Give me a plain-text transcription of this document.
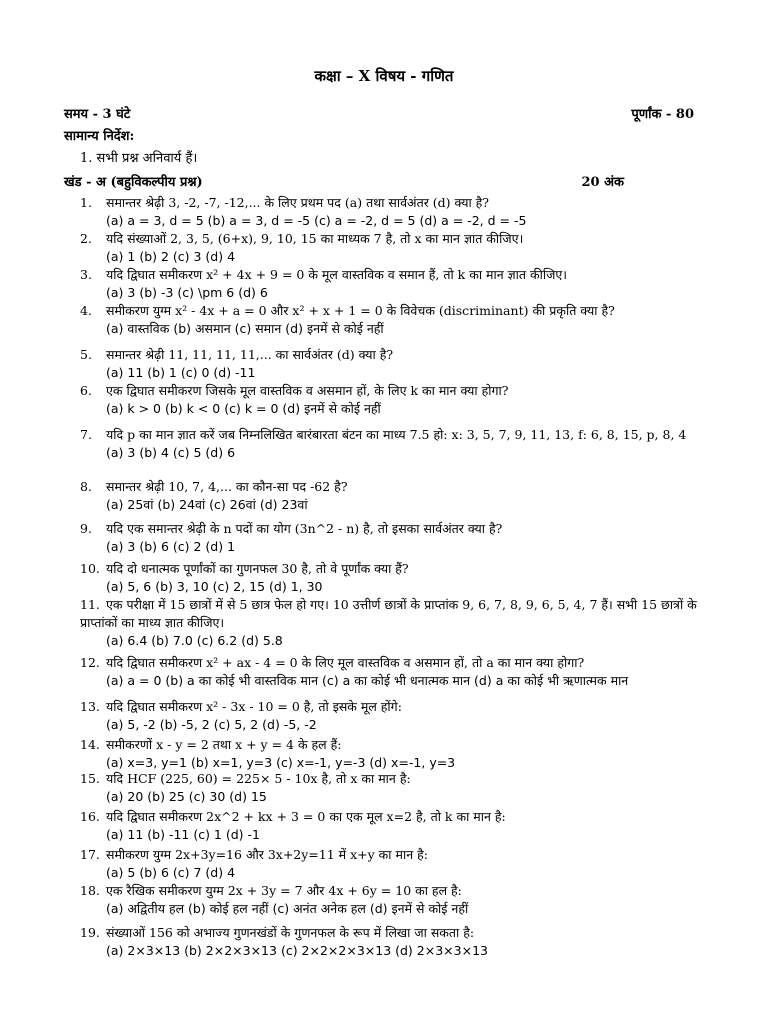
कक्षा – X विषय - गणित
समय - 3 घंटे	पूर्णांक - 80
सामान्य निर्देश:
1. सभी प्रश्न अनिवार्य हैं।
खंड - अ (बहुविकल्पीय प्रश्न)	20 अंक
1. समान्तर श्रेढ़ी 3, -2, -7, -12,... के लिए प्रथम पद (a) तथा सार्वअंतर (d) क्या है?
(a) a = 3, d = 5 (b) a = 3, d = -5 (c) a = -2, d = 5 (d) a = -2, d = -5
2. यदि संख्याओं 2, 3, 5, (6+x), 9, 10, 15 का माध्यक 7 है, तो x का मान ज्ञात कीजिए।
(a) 1 (b) 2 (c) 3 (d) 4
3. यदि द्विघात समीकरण x² + 4x + 9 = 0 के मूल वास्तविक व समान हैं, तो k का मान ज्ञात कीजिए।
(a) 3 (b) -3 (c) \pm 6 (d) 6
4. समीकरण युग्म x² - 4x + a = 0 और x² + x + 1 = 0 के विवेचक (discriminant) की प्रकृति क्या है?
(a) वास्तविक (b) असमान (c) समान (d) इनमें से कोई नहीं
5. समान्तर श्रेढ़ी 11, 11, 11, 11,... का सार्वअंतर (d) क्या है?
(a) 11 (b) 1 (c) 0 (d) -11
6. एक द्विघात समीकरण जिसके मूल वास्तविक व असमान हों, के लिए k का मान क्या होगा?
(a) k > 0 (b) k < 0 (c) k = 0 (d) इनमें से कोई नहीं
7. यदि p का मान ज्ञात करें जब निम्नलिखित बारंबारता बंटन का माध्य 7.5 हो: x: 3, 5, 7, 9, 11, 13, f: 6, 8, 15, p, 8, 4
(a) 3 (b) 4 (c) 5 (d) 6
8. समान्तर श्रेढ़ी 10, 7, 4,... का कौन-सा पद -62 है?
(a) 25वां (b) 24वां (c) 26वां (d) 23वां
9. यदि एक समान्तर श्रेढ़ी के n पदों का योग (3n^2 - n) है, तो इसका सार्वअंतर क्या है?
(a) 3 (b) 6 (c) 2 (d) 1
10. यदि दो धनात्मक पूर्णांकों का गुणनफल 30 है, तो वे पूर्णांक क्या हैं?
(a) 5, 6 (b) 3, 10 (c) 2, 15 (d) 1, 30
11. एक परीक्षा में 15 छात्रों में से 5 छात्र फेल हो गए। 10 उत्तीर्ण छात्रों के प्राप्तांक 9, 6, 7, 8, 9, 6, 5, 4, 7 हैं। सभी 15 छात्रों के प्राप्तांकों का माध्य ज्ञात कीजिए।
(a) 6.4 (b) 7.0 (c) 6.2 (d) 5.8
12. यदि द्विघात समीकरण x² + ax - 4 = 0 के लिए मूल वास्तविक व असमान हों, तो a का मान क्या होगा?
(a) a = 0 (b) a का कोई भी वास्तविक मान (c) a का कोई भी धनात्मक मान (d) a का कोई भी ऋणात्मक मान
13. यदि द्विघात समीकरण x² - 3x - 10 = 0 है, तो इसके मूल होंगे:
(a) 5, -2 (b) -5, 2 (c) 5, 2 (d) -5, -2
14. समीकरणों x - y = 2 तथा x + y = 4 के हल हैं:
(a) x=3, y=1 (b) x=1, y=3 (c) x=-1, y=-3 (d) x=-1, y=3
15. यदि HCF (225, 60) = 225× 5 - 10x है, तो x का मान है:
(a) 20 (b) 25 (c) 30 (d) 15
16. यदि द्विघात समीकरण 2x^2 + kx + 3 = 0 का एक मूल x=2 है, तो k का मान है:
(a) 11 (b) -11 (c) 1 (d) -1
17. समीकरण युग्म 2x+3y=16 और 3x+2y=11 में x+y का मान है:
(a) 5 (b) 6 (c) 7 (d) 4
18. एक रैखिक समीकरण युग्म 2x + 3y = 7 और 4x + 6y = 10 का हल है:
(a) अद्वितीय हल (b) कोई हल नहीं (c) अनंत अनेक हल (d) इनमें से कोई नहीं
19. संख्याओं 156 को अभाज्य गुणनखंडों के गुणनफल के रूप में लिखा जा सकता है:
(a) 2×3×13 (b) 2×2×3×13 (c) 2×2×2×3×13 (d) 2×3×3×13
